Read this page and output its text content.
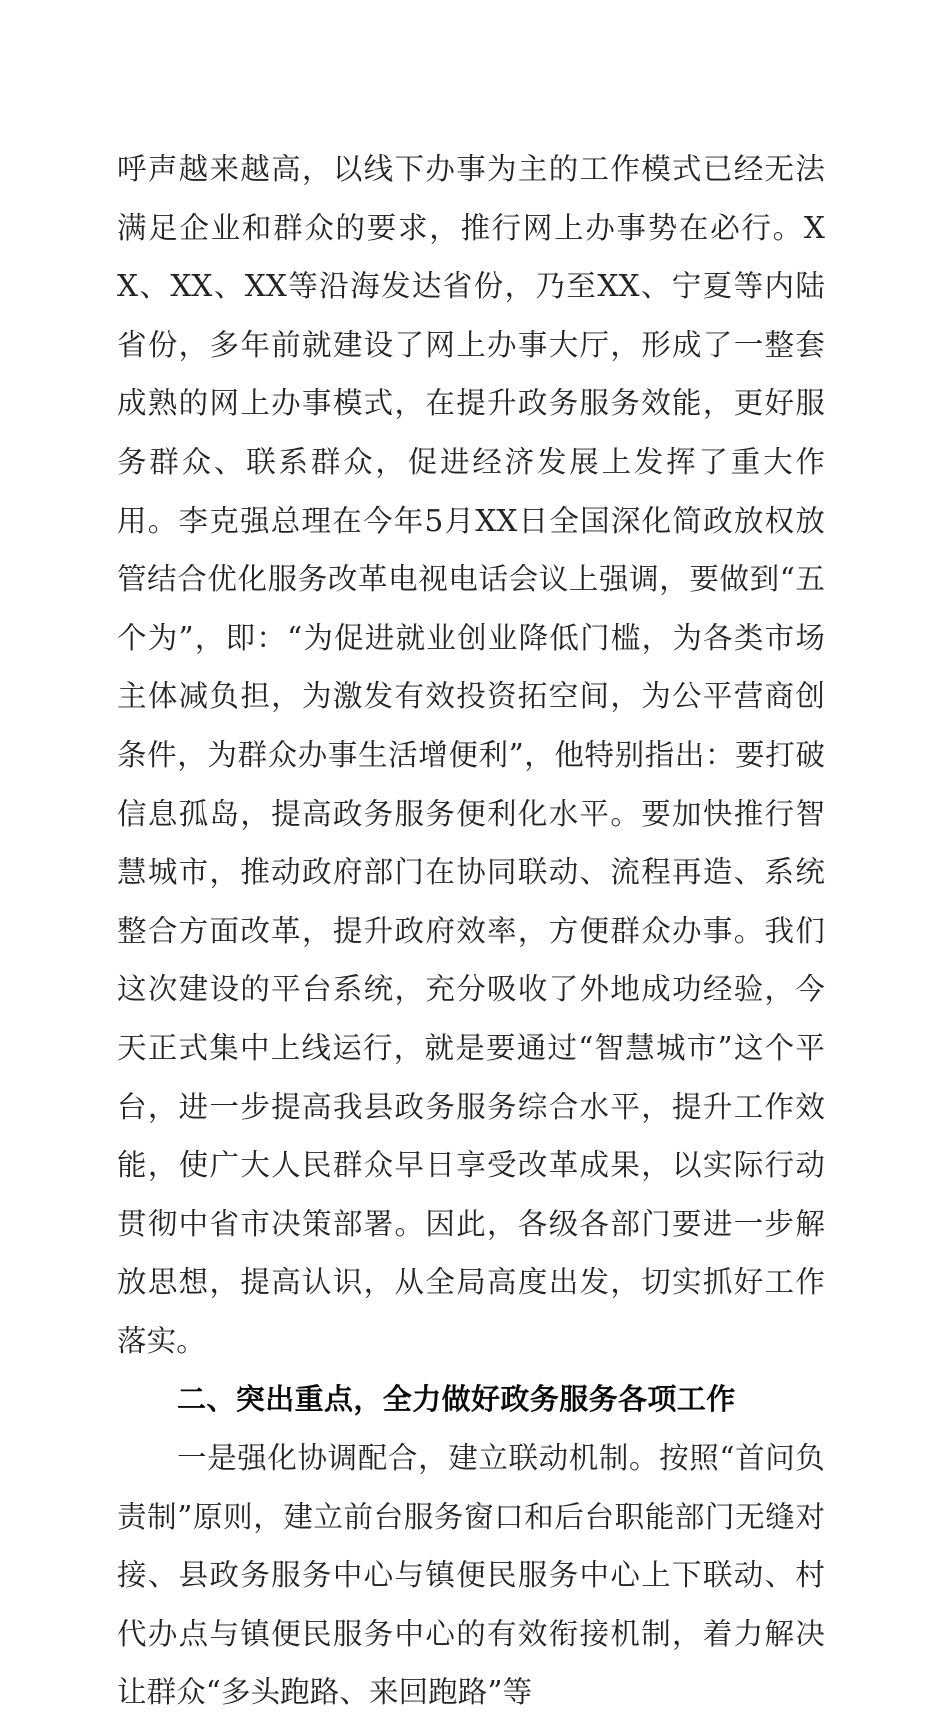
呼声越来越高，以线下办事为主的工作模式已经无法满足企业和群众的要求，推行网上办事势在必行。XX、XX、XX等沿海发达省份，乃至XX、宁夏等内陆省份，多年前就建设了网上办事大厅，形成了一整套成熟的网上办事模式，在提升政务服务效能，更好服务群众、联系群众，促进经济发展上发挥了重大作用。李克强总理在今年5月XX日全国深化简政放权放管结合优化服务改革电视电话会议上强调，要做到“五个为”，即：“为促进就业创业降低门槛，为各类市场主体减负担，为激发有效投资拓空间，为公平营商创条件，为群众办事生活增便利”，他特别指出：要打破信息孤岛，提高政务服务便利化水平。要加快推行智慧城市，推动政府部门在协同联动、流程再造、系统整合方面改革，提升政府效率，方便群众办事。我们这次建设的平台系统，充分吸收了外地成功经验，今天正式集中上线运行，就是要通过“智慧城市”这个平台，进一步提高我县政务服务综合水平，提升工作效能，使广大人民群众早日享受改革成果，以实际行动贯彻中省市决策部署。因此，各级各部门要进一步解放思想，提高认识，从全局高度出发，切实抓好工作落实。

二、突出重点，全力做好政务服务各项工作

一是强化协调配合，建立联动机制。按照“首问负责制”原则，建立前台服务窗口和后台职能部门无缝对接、县政务服务中心与镇便民服务中心上下联动、村代办点与镇便民服务中心的有效衔接机制，着力解决让群众“多头跑路、来回跑路”等
